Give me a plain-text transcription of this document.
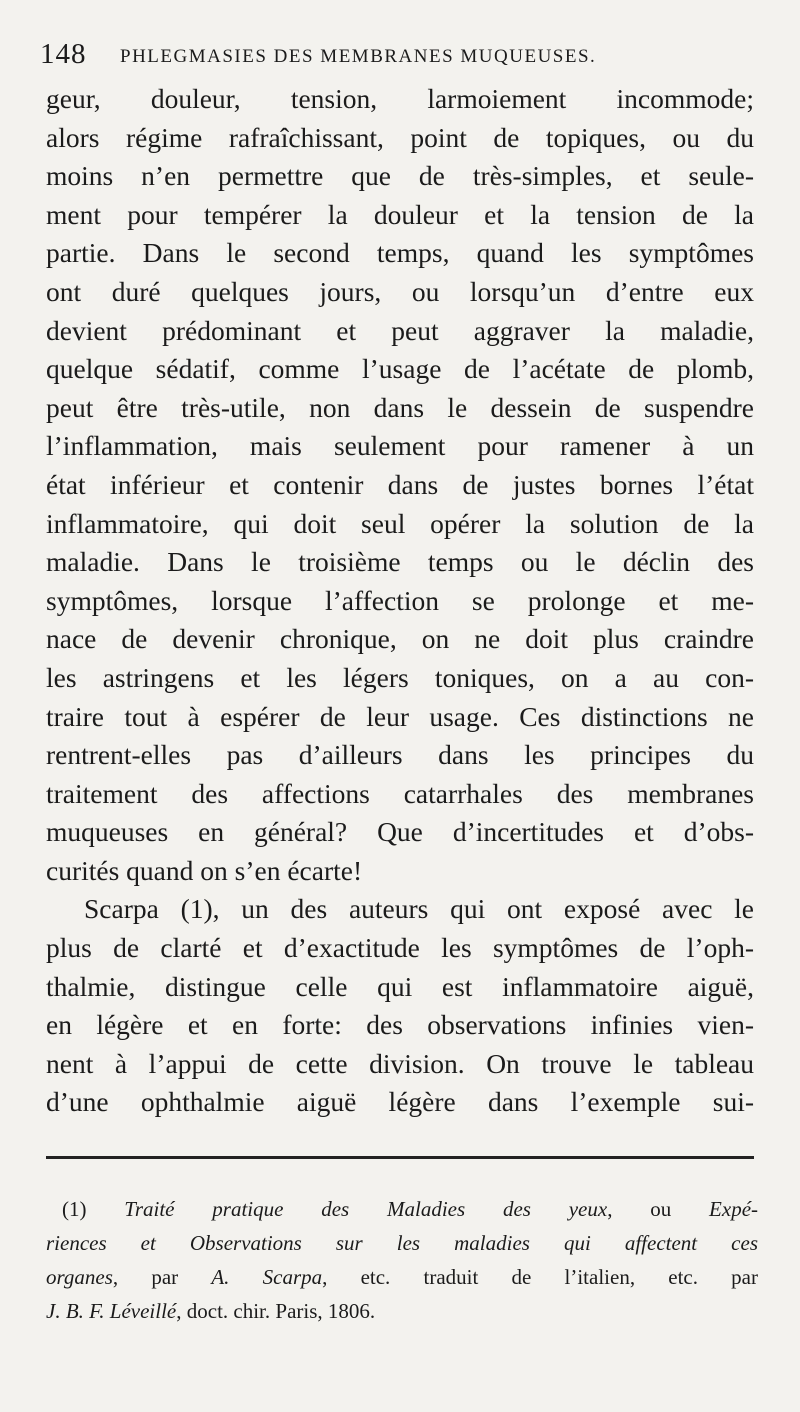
148 PHLEGMASIES DES MEMBRANES MUQUEUSES.
geur, douleur, tension, larmoiement incommode;
alors régime rafraîchissant, point de topiques, ou du
moins n’en permettre que de très-simples, et seule-
ment pour tempérer la douleur et la tension de la
partie. Dans le second temps, quand les symptômes
ont duré quelques jours, ou lorsqu’un d’entre eux
devient prédominant et peut aggraver la maladie,
quelque sédatif, comme l’usage de l’acétate de plomb,
peut être très-utile, non dans le dessein de suspendre
l’inflammation, mais seulement pour ramener à un
état inférieur et contenir dans de justes bornes l’état
inflammatoire, qui doit seul opérer la solution de la
maladie. Dans le troisième temps ou le déclin des
symptômes, lorsque l’affection se prolonge et me-
nace de devenir chronique, on ne doit plus craindre
les astringens et les légers toniques, on a au con-
traire tout à espérer de leur usage. Ces distinctions ne
rentrent-elles pas d’ailleurs dans les principes du
traitement des affections catarrhales des membranes
muqueuses en général? Que d’incertitudes et d’obs-
curités quand on s’en écarte!
Scarpa (1), un des auteurs qui ont exposé avec le
plus de clarté et d’exactitude les symptômes de l’oph-
thalmie, distingue celle qui est inflammatoire aiguë,
en légère et en forte: des observations infinies vien-
nent à l’appui de cette division. On trouve le tableau
d’une ophthalmie aiguë légère dans l’exemple sui-
(1) Traité pratique des Maladies des yeux, ou Expé-
riences et Observations sur les maladies qui affectent ces
organes, par A. Scarpa, etc. traduit de l’italien, etc. par
J. B. F. Léveillé, doct. chir. Paris, 1806.
